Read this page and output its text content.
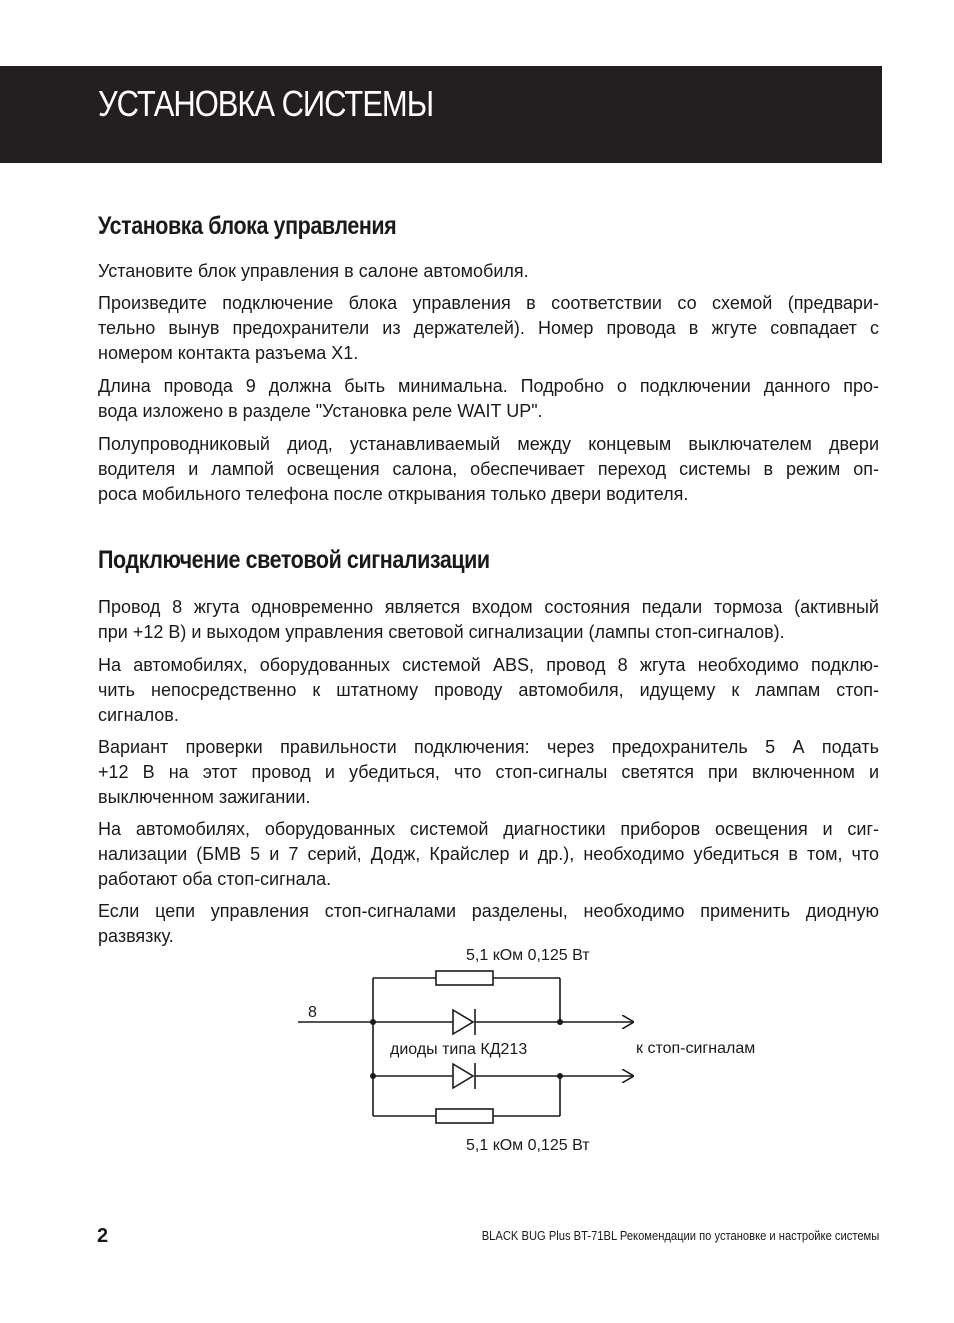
УСТАНОВКА СИСТЕМЫ
Установка блока управления

Установите блок управления в салоне автомобиля.

Произведите подключение блока управления в соответствии со схемой (предвари-
тельно вынув предохранители из держателей). Номер провода в жгуте совпадает с
номером контакта разъема X1.

Длина провода 9 должна быть минимальна. Подробно о подключении данного про-
вода изложено в разделе "Установка реле WAIT UP".

Полупроводниковый диод, устанавливаемый между концевым выключателем двери
водителя и лампой освещения салона, обеспечивает переход системы в режим оп-
роса мобильного телефона после открывания только двери водителя.

Подключение световой сигнализации

Провод 8 жгута одновременно является входом состояния педали тормоза (активный
при +12 В) и выходом управления световой сигнализации (лампы стоп-сигналов).

На автомобилях, оборудованных системой ABS, провод 8 жгута необходимо подклю-
чить непосредственно к штатному проводу автомобиля, идущему к лампам стоп-
сигналов.

Вариант проверки правильности подключения: через предохранитель 5 А подать
+12 В на этот провод и убедиться, что стоп-сигналы светятся при включенном и
выключенном зажигании.

На автомобилях, оборудованных системой диагностики приборов освещения и сиг-
нализации (БМВ 5 и 7 серий, Додж, Крайслер и др.), необходимо убедиться в том, что
работают оба стоп-сигнала.

Если цепи управления стоп-сигналами разделены, необходимо применить диодную
развязку.

5,1 кОм 0,125 Вт
8
диоды типа КД213	к стоп-сигналам
5,1 кОм 0,125 Вт

2	BLACK BUG Plus BT-71BL Рекомендации по установке и настройке системы
